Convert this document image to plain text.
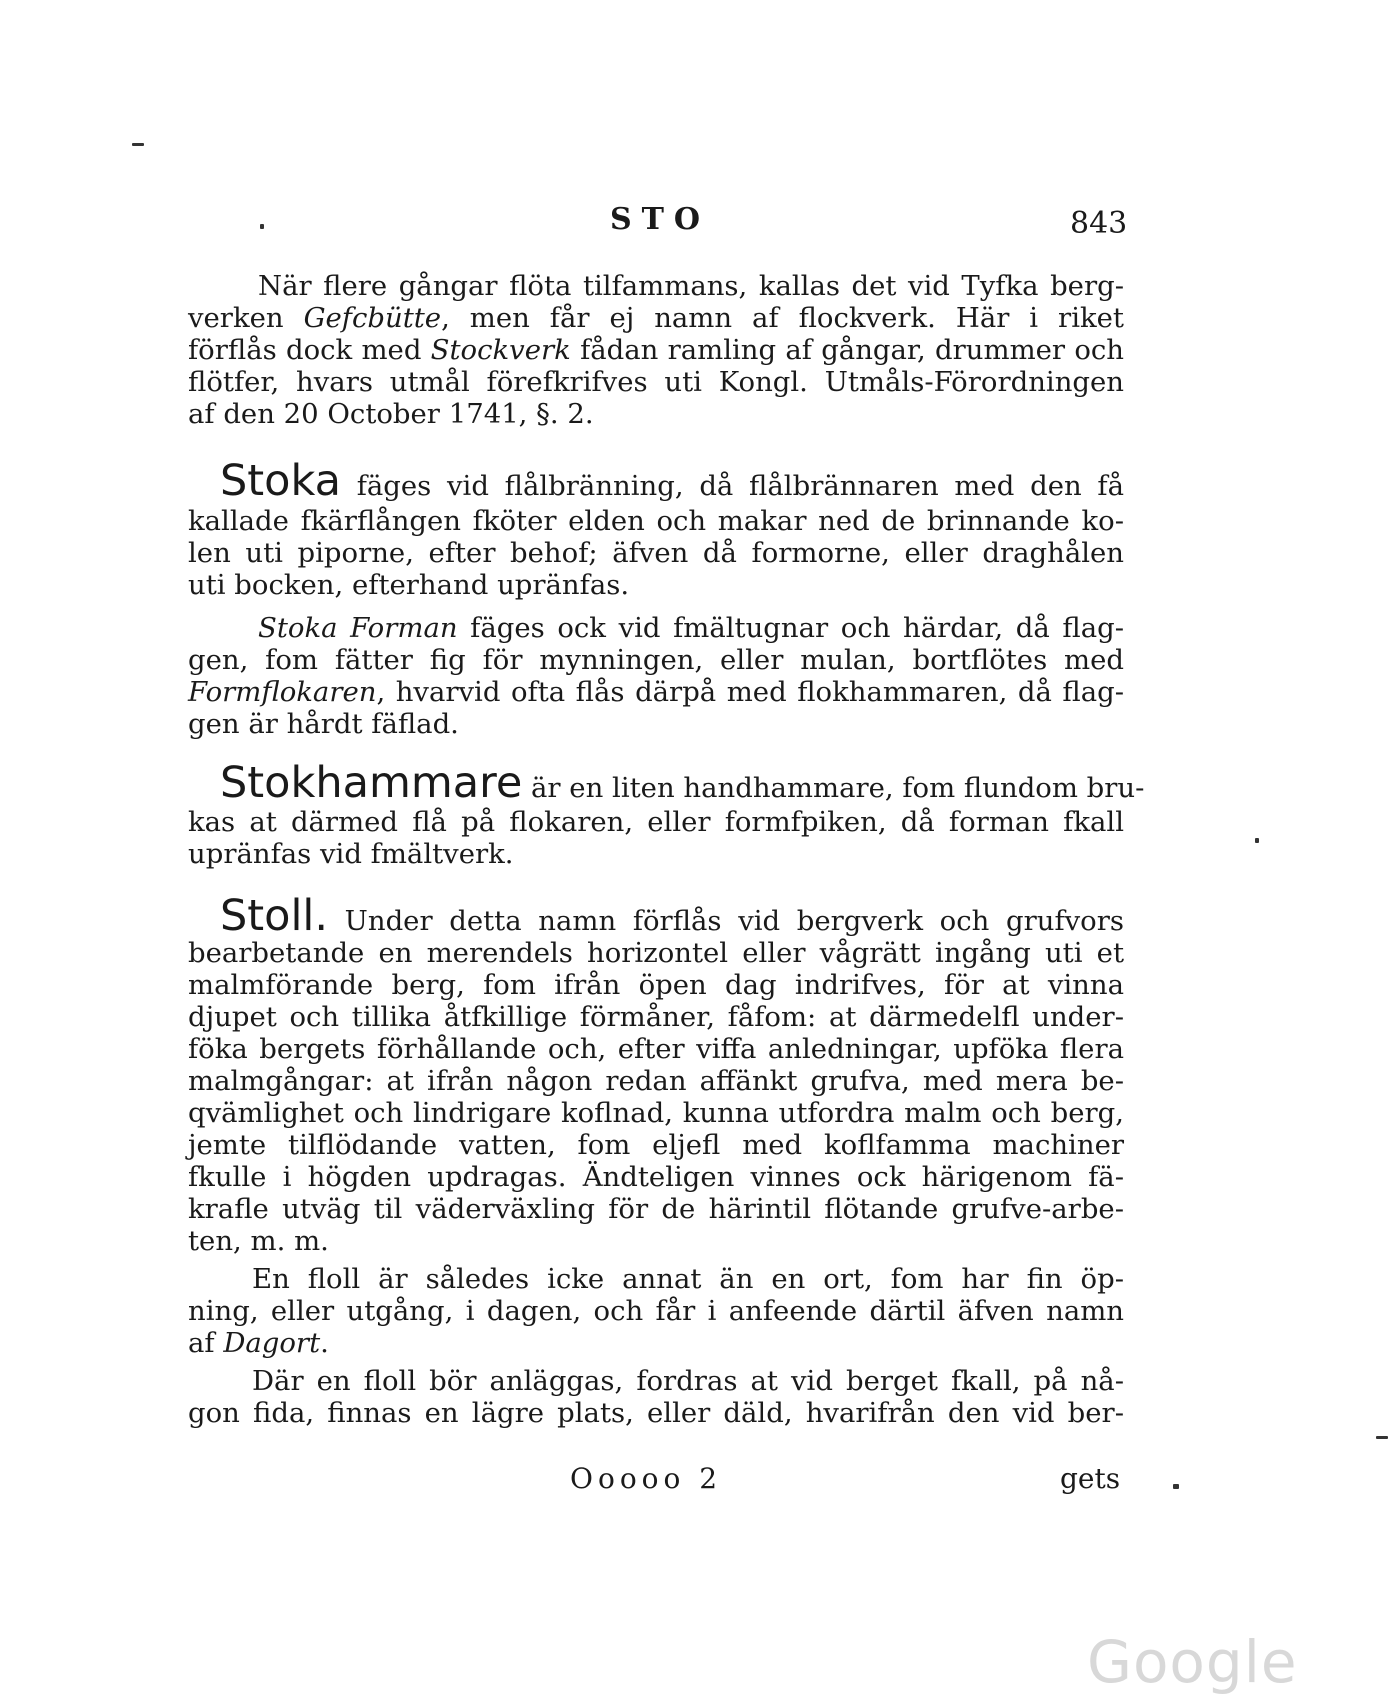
STO	843
När flere gångar flöta tilfammans, kallas det vid Tyfka berg-
verken Gefcbütte, men får ej namn af flockverk. Här i riket
förflås dock med Stockverk fådan ramling af gångar, drummer och
flötfer, hvars utmål förefkrifves uti Kongl. Utmåls-Förordningen
af den 20 October 1741, §. 2.
Stoka fäges vid flålbränning, då flålbrännaren med den få
kallade fkärflången fköter elden och makar ned de brinnande ko-
len uti piporne, efter behof; äfven då formorne, eller draghålen
uti bocken, efterhand upränfas.
Stoka Forman fäges ock vid fmältugnar och härdar, då flag-
gen, fom fätter fig för mynningen, eller mulan, bortflötes med
Formflokaren, hvarvid ofta flås därpå med flokhammaren, då flag-
gen är hårdt fäflad.
Stokhammare är en liten handhammare, fom flundom bru-
kas at därmed flå på flokaren, eller formfpiken, då forman fkall
upränfas vid fmältverk.
Stoll. Under detta namn förflås vid bergverk och grufvors
bearbetande en merendels horizontel eller vågrätt ingång uti et
malmförande berg, fom ifrån öpen dag indrifves, för at vinna
djupet och tillika åtfkillige förmåner, fåfom: at därmedelfl under-
föka bergets förhållande och, efter viffa anledningar, upföka flera
malmgångar: at ifrån någon redan affänkt grufva, med mera be-
qvämlighet och lindrigare koflnad, kunna utfordra malm och berg,
jemte tilflödande vatten, fom eljefl med koflfamma machiner
fkulle i högden updragas. Ändteligen vinnes ock härigenom fä-
krafle utväg til väderväxling för de härintil flötande grufve-arbe-
ten, m. m.
En floll är således icke annat än en ort, fom har fin öp-
ning, eller utgång, i dagen, och får i anfeende därtil äfven namn
af Dagort.
Där en floll bör anläggas, fordras at vid berget fkall, på nå-
gon fida, finnas en lägre plats, eller däld, hvarifrån den vid ber-
Ooooo 2	gets
Google
